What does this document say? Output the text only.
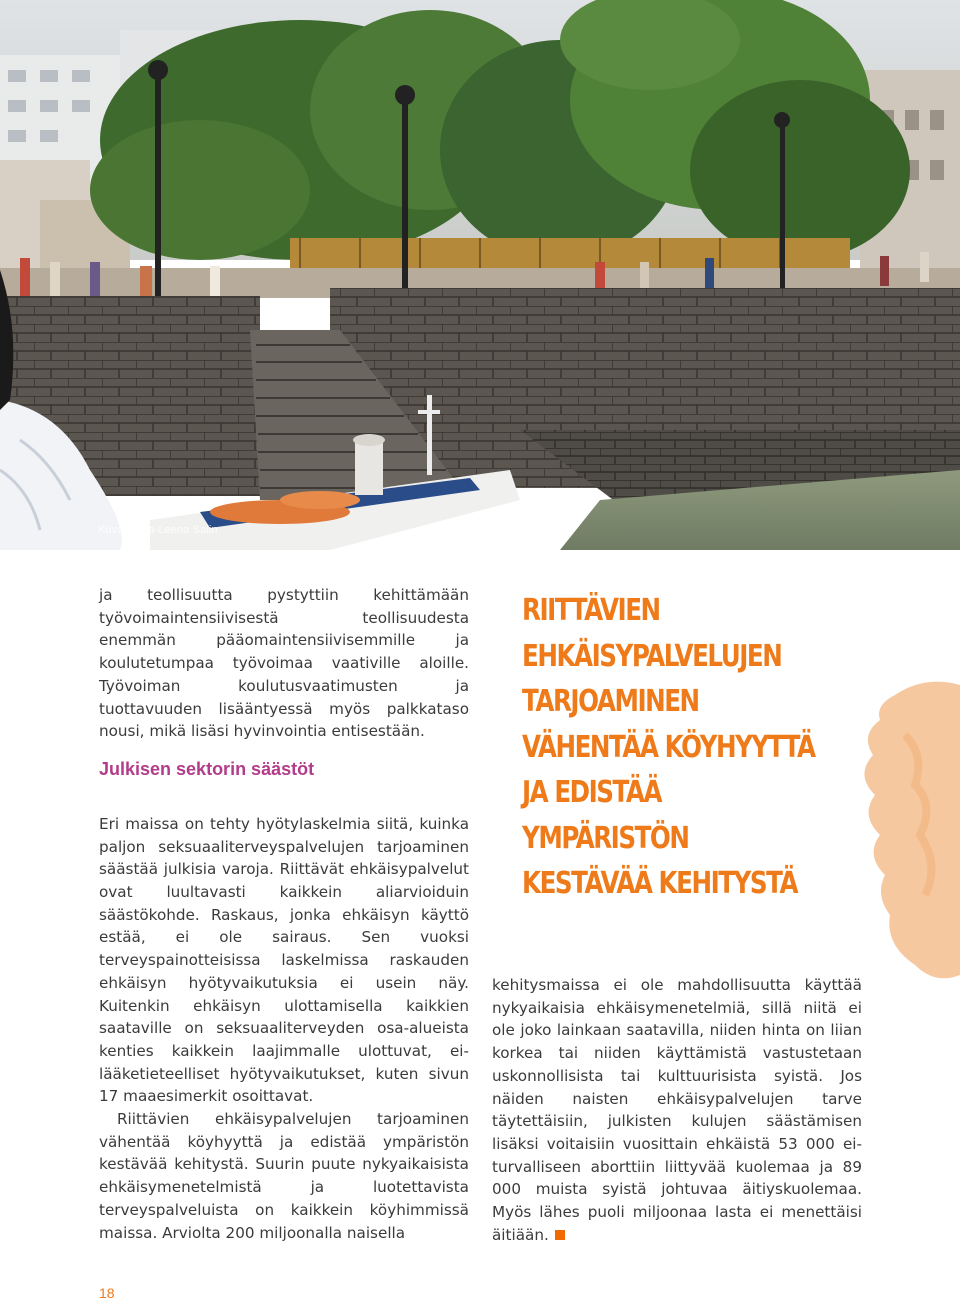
Kuva:Marja-Leena Salin

ja teollisuutta pystyttiin kehittämään työvoimaintensiivisestä teollisuudesta enemmän pääomaintensiivisemmille ja koulutetumpaa työvoimaa vaativille aloille. Työvoiman koulutusvaatimusten ja tuottavuuden lisääntyessä myös palkkataso nousi, mikä lisäsi hyvinvointia entisestään.

Julkisen sektorin säästöt

Eri maissa on tehty hyötylaskelmia siitä, kuinka paljon seksuaaliterveyspalvelujen tarjoaminen säästää julkisia varoja. Riittävät ehkäisypalvelut ovat luultavasti kaikkein aliarvioiduin säästökohde. Raskaus, jonka ehkäisyn käyttö estää, ei ole sairaus. Sen vuoksi terveyspainotteisissa laskelmissa raskauden ehkäisyn hyötyvaikutuksia ei usein näy. Kuitenkin ehkäisyn ulottamisella kaikkien saataville on seksuaaliterveyden osa-alueista kenties kaikkein laajimmalle ulottuvat, ei-lääketieteelliset hyötyvaikutukset, kuten sivun 17 maaesimerkit osoittavat.

Riittävien ehkäisypalvelujen tarjoaminen vähentää köyhyyttä ja edistää ympäristön kestävää kehitystä. Suurin puute nykyaikaisista ehkäisymenetelmistä ja luotettavista terveyspalveluista on kaikkein köyhimmissä maissa. Arviolta 200 miljoonalla naisella

RIITTÄVIEN EHKÄISYPALVELUJEN TARJOAMINEN VÄHENTÄÄ KÖYHYYTTÄ JA EDISTÄÄ YMPÄRISTÖN KESTÄVÄÄ KEHITYSTÄ

kehitysmaissa ei ole mahdollisuutta käyttää nykyaikaisia ehkäisymenetelmiä, sillä niitä ei ole joko lainkaan saatavilla, niiden hinta on liian korkea tai niiden käyttämistä vastustetaan uskonnollisista tai kulttuurisista syistä. Jos näiden naisten ehkäisypalvelujen tarve täytettäisiin, julkisten kulujen säästämisen lisäksi voitaisiin vuosittain ehkäistä 53 000 ei-turvalliseen aborttiin liittyvää kuolemaa ja 89 000 muista syistä johtuvaa äitiyskuolemaa. Myös lähes puoli miljoonaa lasta ei menettäisi äitiään.

18
